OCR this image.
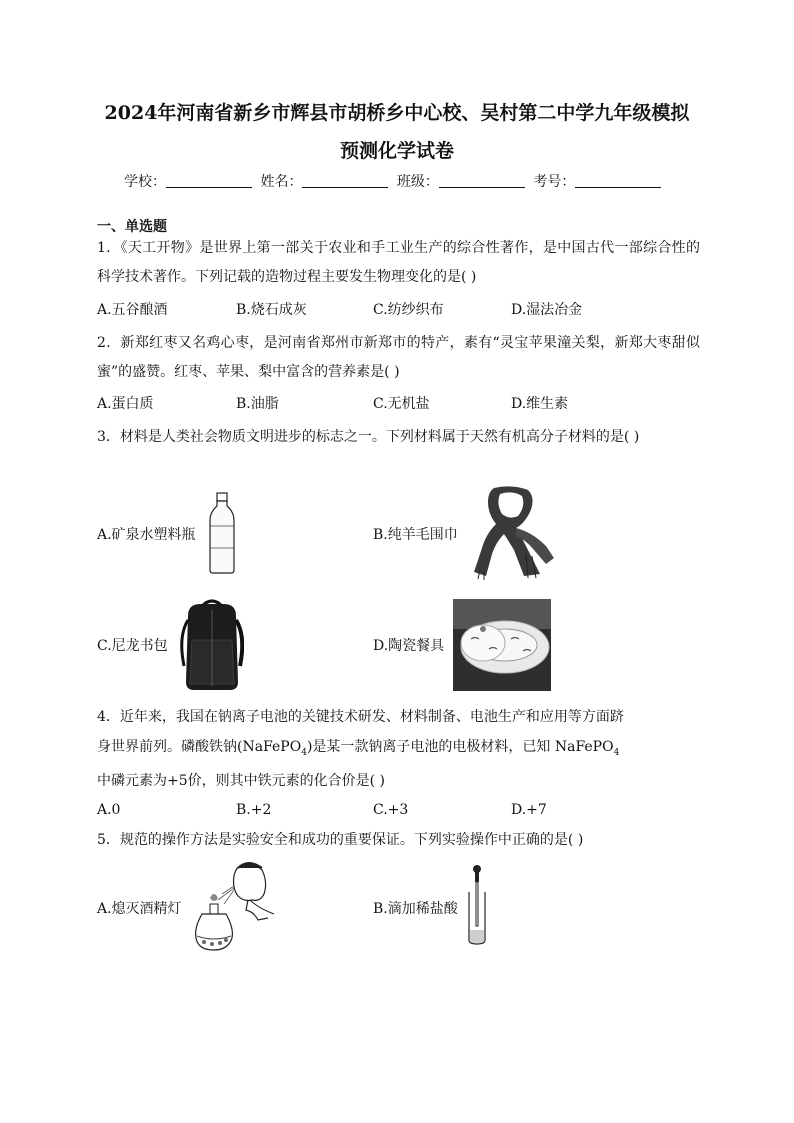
2024年河南省新乡市辉县市胡桥乡中心校、吴村第二中学九年级模拟
预测化学试卷
学校：	姓名：	班级：	考号：
一、单选题
1．《天工开物》是世界上第一部关于农业和手工业生产的综合性著作，是中国古代一部综合性的科学技术著作。下列记载的造物过程主要发生物理变化的是( )
A.五谷酿酒	B.烧石成灰	C.纺纱织布	D.湿法冶金
2．新郑红枣又名鸡心枣，是河南省郑州市新郑市的特产，素有“灵宝苹果潼关梨，新郑大枣甜似蜜”的盛赞。红枣、苹果、梨中富含的营养素是( )
A.蛋白质	B.油脂	C.无机盐	D.维生素
3．材料是人类社会物质文明进步的标志之一。下列材料属于天然有机高分子材料的是( )
A.矿泉水塑料瓶	B.纯羊毛围巾
C.尼龙书包	D.陶瓷餐具
4．近年来，我国在钠离子电池的关键技术研发、材料制备、电池生产和应用等方面跻
身世界前列。磷酸铁钠(NaFePO$_4$)是某一款钠离子电池的电极材料，已知 NaFePO$_4$
中磷元素为+5价，则其中铁元素的化合价是( )
A.0	B.+2	C.+3	D.+7
5．规范的操作方法是实验安全和成功的重要保证。下列实验操作中正确的是( )
A.熄灭酒精灯	B.滴加稀盐酸
